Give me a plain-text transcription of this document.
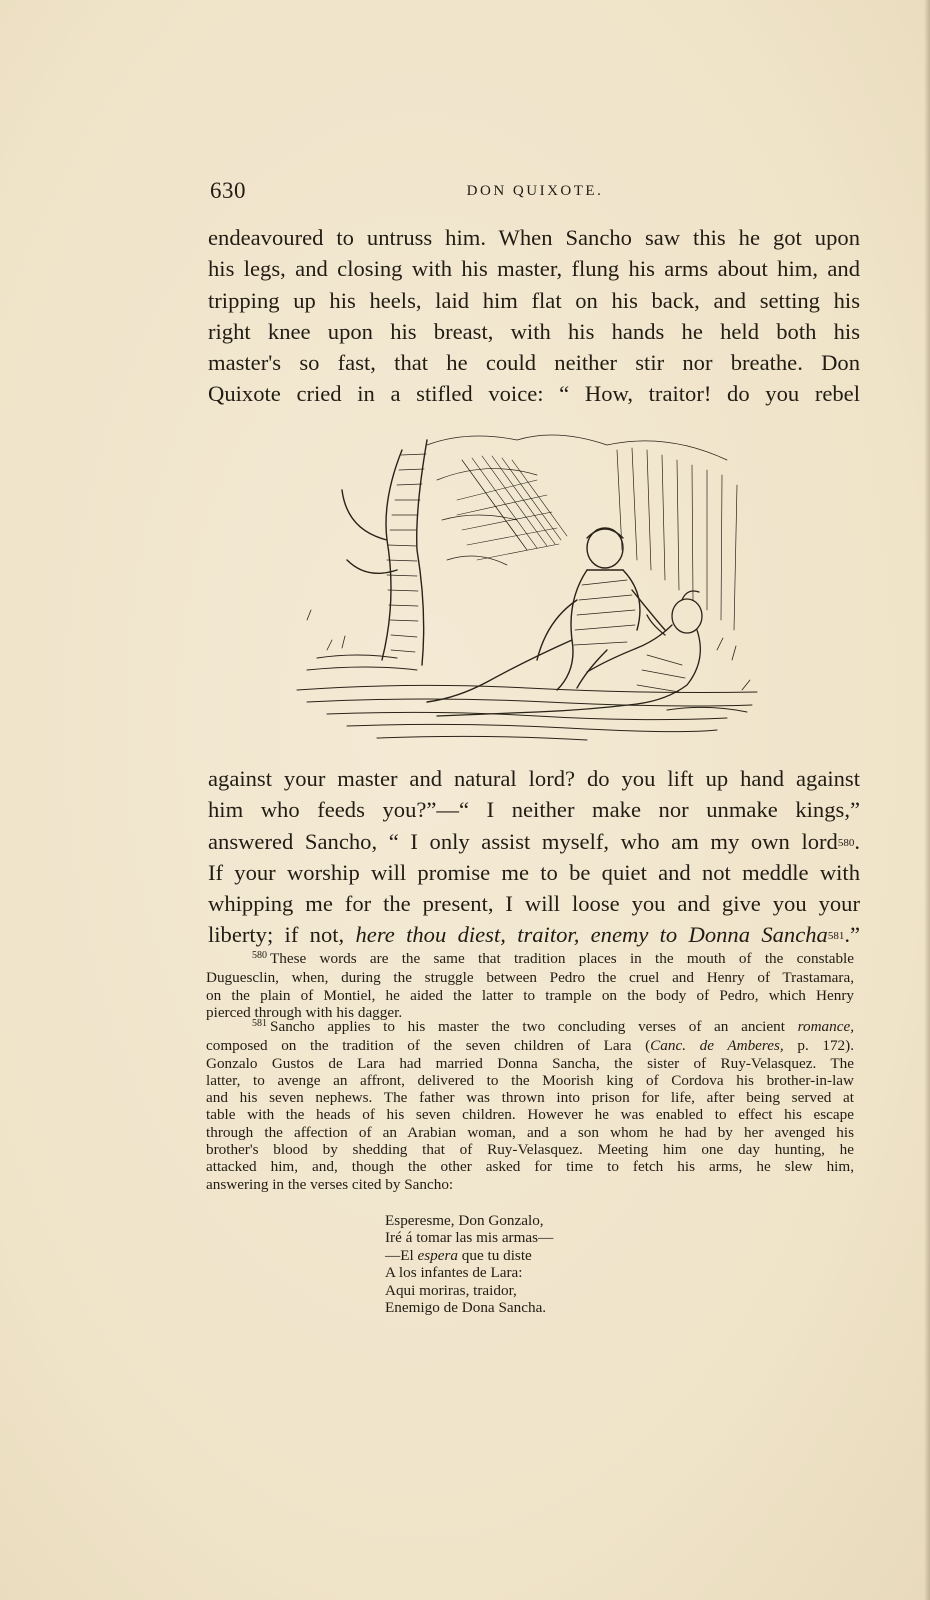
630	DON QUIXOTE.
endeavoured to untruss him. When Sancho saw this he got upon
his legs, and closing with his master, flung his arms about him, and
tripping up his heels, laid him flat on his back, and setting his
right knee upon his breast, with his hands he held both his
master's so fast, that he could neither stir nor breathe. Don
Quixote cried in a stifled voice: “ How, traitor! do you rebel
against your master and natural lord? do you lift up hand against
him who feeds you?”—“ I neither make nor unmake kings,”
answered Sancho, “ I only assist myself, who am my own lord$^{580}$.
If your worship will promise me to be quiet and not meddle with
whipping me for the present, I will loose you and give you your
liberty; if not, here thou diest, traitor, enemy to Donna Sancha$^{581}$.”
$^{580}$ These words are the same that tradition places in the mouth of the constable
Duguesclin, when, during the struggle between Pedro the cruel and Henry of Trastamara,
on the plain of Montiel, he aided the latter to trample on the body of Pedro, which Henry
pierced through with his dagger.
$^{581}$ Sancho applies to his master the two concluding verses of an ancient romance,
composed on the tradition of the seven children of Lara (Canc. de Amberes, p. 172).
Gonzalo Gustos de Lara had married Donna Sancha, the sister of Ruy-Velasquez. The
latter, to avenge an affront, delivered to the Moorish king of Cordova his brother-in-law
and his seven nephews. The father was thrown into prison for life, after being served at
table with the heads of his seven children. However he was enabled to effect his escape
through the affection of an Arabian woman, and a son whom he had by her avenged his
brother's blood by shedding that of Ruy-Velasquez. Meeting him one day hunting, he
attacked him, and, though the other asked for time to fetch his arms, he slew him,
answering in the verses cited by Sancho:
Esperesme, Don Gonzalo,
Iré á tomar las mis armas—
—El espera que tu diste
A los infantes de Lara:
Aqui moriras, traidor,
Enemigo de Dona Sancha.
